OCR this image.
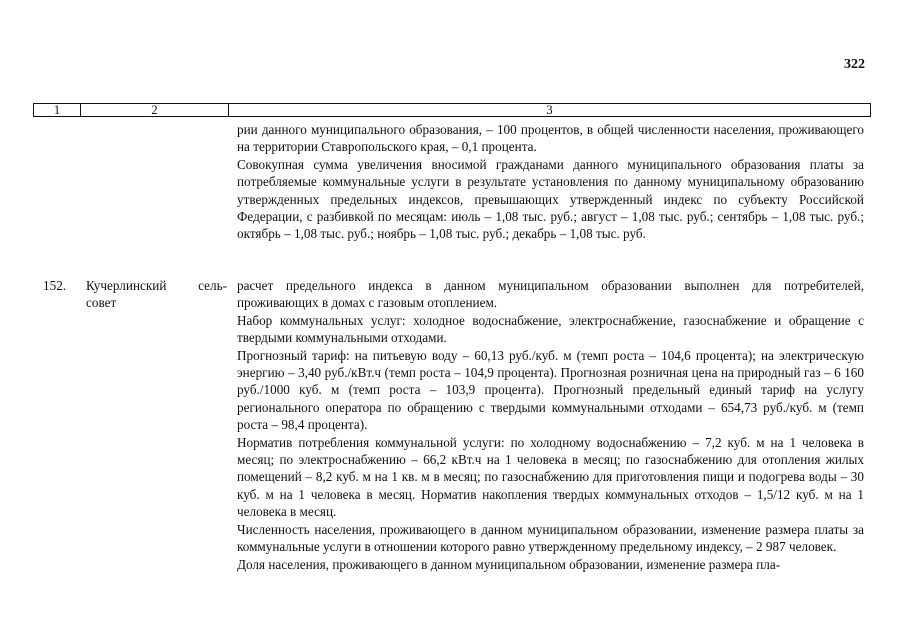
322
1	2	3

рии данного муниципального образования, – 100 процентов, в общей численности населения, проживающего на территории Ставропольского края, – 0,1 процента.

Совокупная сумма увеличения вносимой гражданами данного муниципального образования платы за потребляемые коммунальные услуги в результате установления по данному муниципальному образованию утвержденных предельных индексов, превышающих утвержденный индекс по субъекту Российской Федерации, с разбивкой по месяцам: июль – 1,08 тыс. руб.; август – 1,08 тыс. руб.; сентябрь – 1,08 тыс. руб.; октябрь – 1,08 тыс. руб.; ноябрь – 1,08 тыс. руб.; декабрь – 1,08 тыс. руб.

152. Кучерлинский сель-
совет

расчет предельного индекса в данном муниципальном образовании выполнен для потребителей, проживающих в домах с газовым отоплением.

Набор коммунальных услуг: холодное водоснабжение, электроснабжение, газоснабжение и обращение с твердыми коммунальными отходами.

Прогнозный тариф: на питьевую воду – 60,13 руб./куб. м (темп роста – 104,6 процента); на электрическую энергию – 3,40 руб./кВт.ч (темп роста – 104,9 процента). Прогнозная розничная цена на природный газ – 6 160 руб./1000 куб. м (темп роста – 103,9 процента). Прогнозный предельный единый тариф на услугу регионального оператора по обращению с твердыми коммунальными отходами – 654,73 руб./куб. м (темп роста – 98,4 процента).

Норматив потребления коммунальной услуги: по холодному водоснабжению – 7,2 куб. м на 1 человека в месяц; по электроснабжению – 66,2 кВт.ч на 1 человека в месяц; по газоснабжению для отопления жилых помещений – 8,2 куб. м на 1 кв. м в месяц; по газоснабжению для приготовления пищи и подогрева воды – 30 куб. м на 1 человека в месяц. Норматив накопления твердых коммунальных отходов – 1,5/12 куб. м на 1 человека в месяц.

Численность населения, проживающего в данном муниципальном образовании, изменение размера платы за коммунальные услуги в отношении которого равно утвержденному предельному индексу, – 2 987 человек.

Доля населения, проживающего в данном муниципальном образовании, изменение размера пла-
